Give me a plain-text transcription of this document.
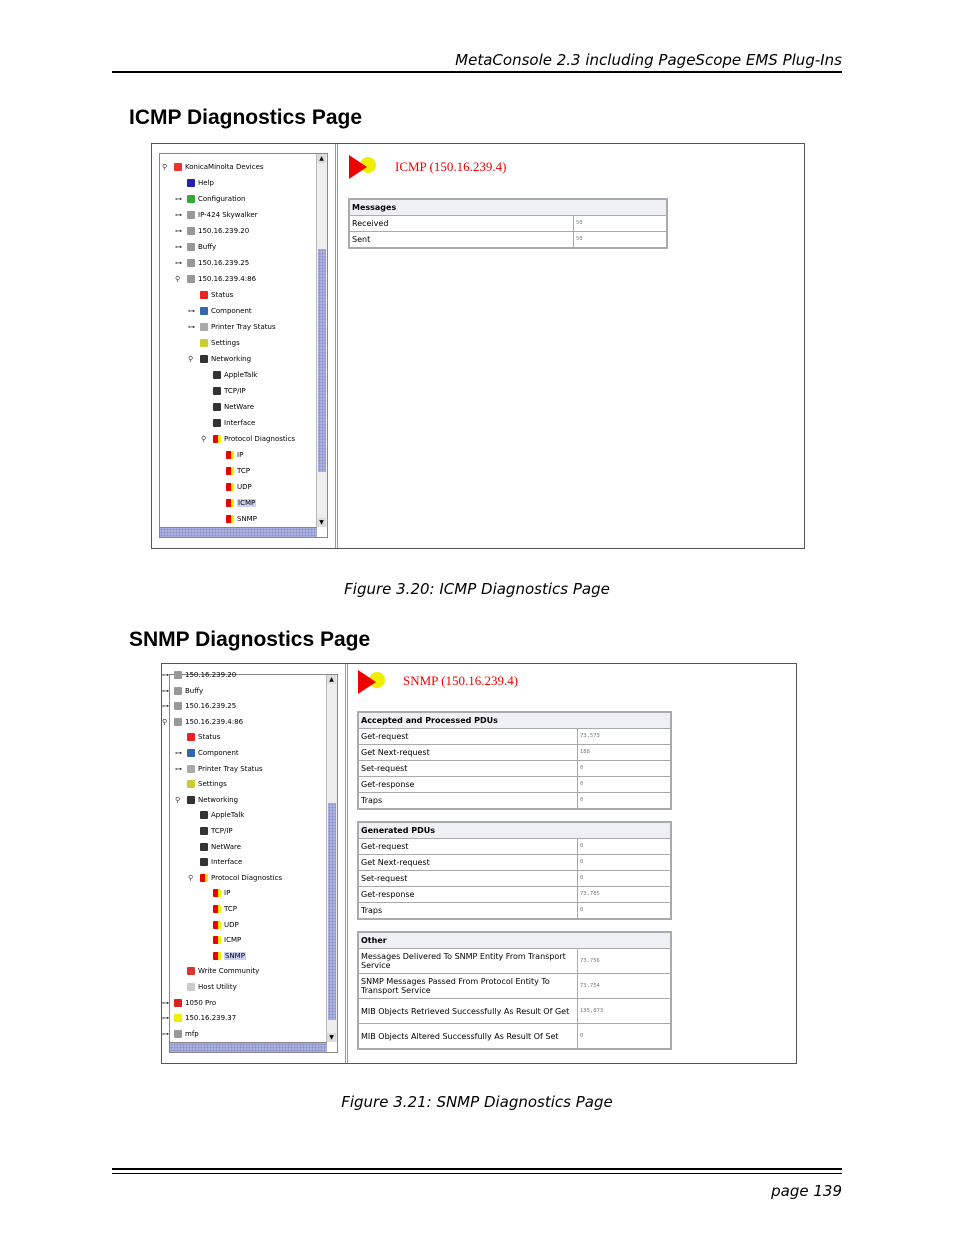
MetaConsole 2.3 including PageScope EMS Plug-Ins
ICMP Diagnostics Page
⚲	KonicaMinolta Devices
Help
⊶ Configuration
⊶ IP-424 Skywalker
⊶ 150.16.239.20
⊶ Buffy
⊶ 150.16.239.25
⚲	150.16.239.4:86
Status
⊶ Component
⊶ Printer Tray Status
Settings
⚲	Networking
AppleTalk
TCP/IP
NetWare
Interface
⚲	Protocol Diagnostics
IP
TCP
UDP
ICMP
SNMP
▲
▼
ICMP (150.16.239.4)
Messages	
Received	50
Sent	50
Figure 3.20: ICMP Diagnostics Page
SNMP Diagnostics Page
⊶ 150.16.239.20
⊶ Buffy
⊶ 150.16.239.25
⚲	150.16.239.4:86
Status
⊶ Component
⊶ Printer Tray Status
Settings
⚲	Networking
AppleTalk
TCP/IP
NetWare
Interface
⚲	Protocol Diagnostics
IP
TCP
UDP
ICMP
SNMP
Write Community
Host Utility
⊶ 1050 Pro
⊶ 150.16.239.37
⊶ mfp
▲
▼
SNMP (150.16.239.4)
Accepted and Processed PDUs	
Get-request	73,573
Get Next-request	188
Set-request	0
Get-response	0
Traps	0
Generated PDUs	
Get-request	0
Get Next-request	0
Set-request	0
Get-response	73,785
Traps	0
Other	
Messages Delivered To SNMP Entity From Transport Service	73,756
SNMP Messages Passed From Protocol Entity To Transport Service	73,754
MIB Objects Retrieved Successfully As Result Of Get	135,873
MIB Objects Altered Successfully As Result Of Set	0
Figure 3.21: SNMP Diagnostics Page
page 139
